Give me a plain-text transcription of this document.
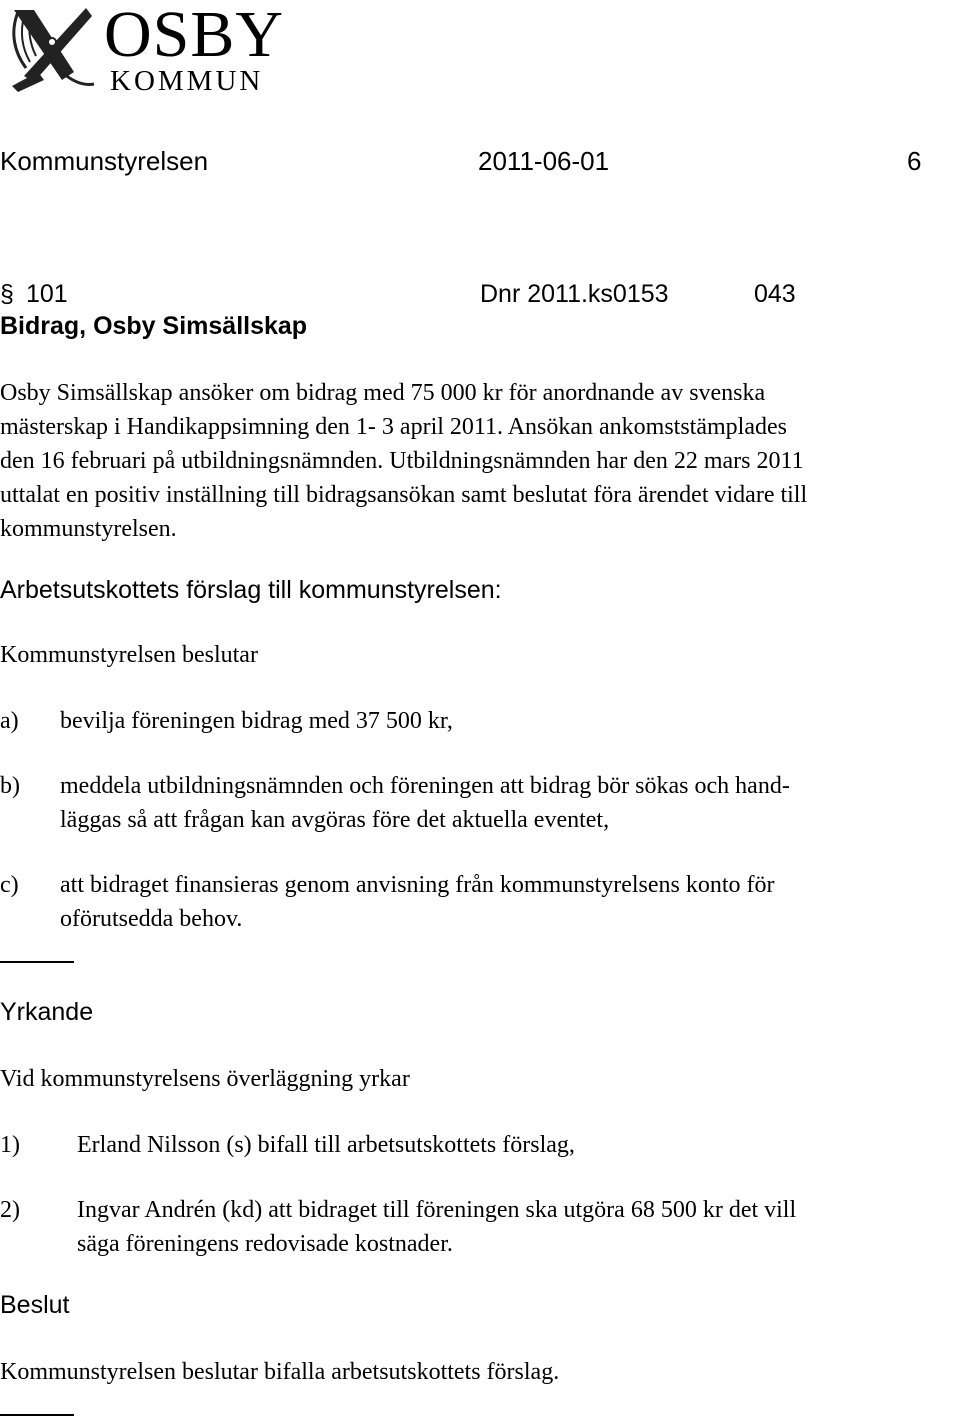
OSBY
KOMMUN
Kommunstyrelsen	2011-06-01	6
§ 101	Dnr 2011.ks0153	043
Bidrag, Osby Simsällskap
Osby Simsällskap ansöker om bidrag med 75 000 kr för anordnande av svenska
mästerskap i Handikappsimning den 1- 3 april 2011. Ansökan ankomststämplades
den 16 februari på utbildningsnämnden. Utbildningsnämnden har den 22 mars 2011
uttalat en positiv inställning till bidragsansökan samt beslutat föra ärendet vidare till
kommunstyrelsen.
Arbetsutskottets förslag till kommunstyrelsen:
Kommunstyrelsen beslutar
a) bevilja föreningen bidrag med 37 500 kr,
b) meddela utbildningsnämnden och föreningen att bidrag bör sökas och hand-
läggas så att frågan kan avgöras före det aktuella eventet,
c) att bidraget finansieras genom anvisning från kommunstyrelsens konto för
oförutsedda behov.
Yrkande
Vid kommunstyrelsens överläggning yrkar
1) Erland Nilsson (s) bifall till arbetsutskottets förslag,
2) Ingvar Andrén (kd) att bidraget till föreningen ska utgöra 68 500 kr det vill
säga föreningens redovisade kostnader.
Beslut
Kommunstyrelsen beslutar bifalla arbetsutskottets förslag.
